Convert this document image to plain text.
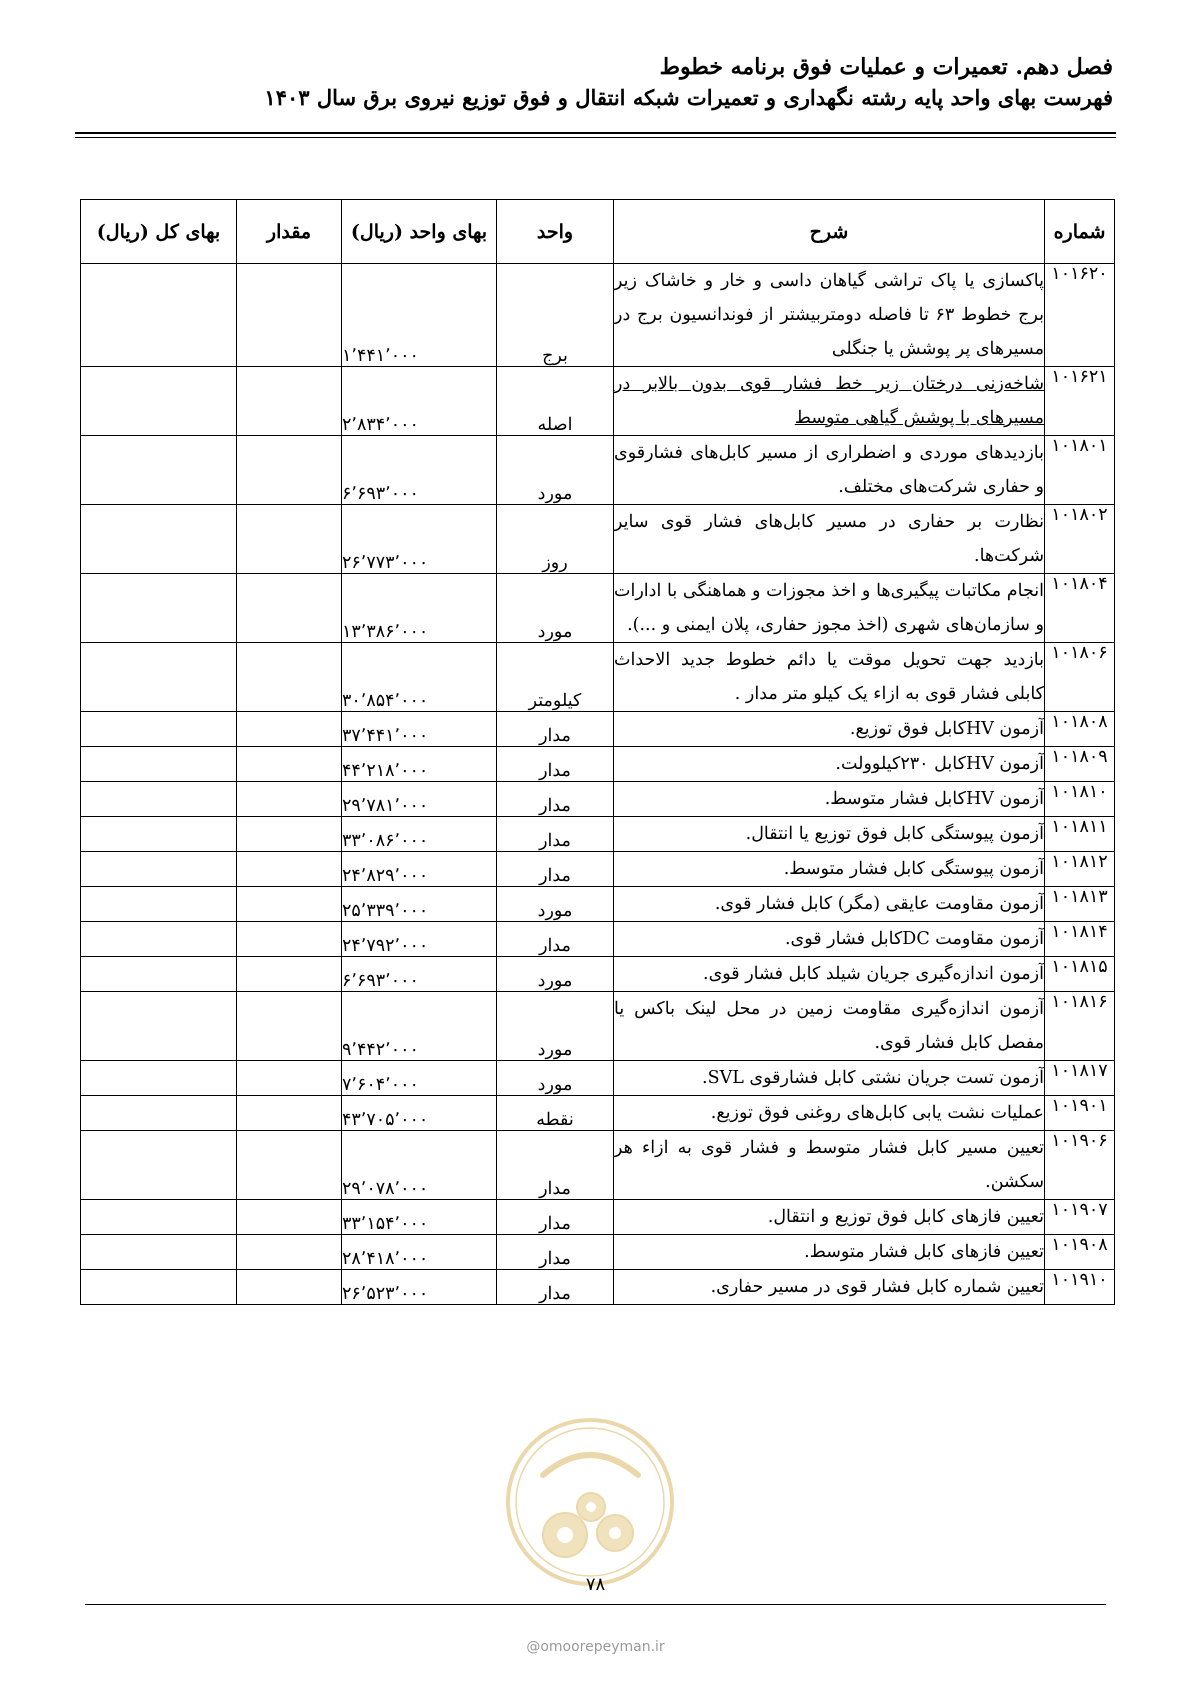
فصل دهم. تعمیرات و عملیات فوق برنامه خطوط
فهرست بهای واحد پایه رشته نگهداری و تعمیرات شبکه انتقال و فوق توزیع نیروی برق سال ۱۴۰۳
شماره	شرح	واحد	بهای واحد (ریال)	مقدار	بهای کل (ریال)
۱۰۱۶۲۰	پاکسازی یا پاک تراشی گیاهان داسی و خار و خاشاک زیر برج خطوط ۶۳ تا فاصله دومتربیشتر از فوندانسیون برج در مسیرهای پر پوشش یا جنگلی	برج	۱٬۴۴۱٬۰۰۰		
۱۰۱۶۲۱	شاخه‌زنی درختان زیر خط فشار قوی بدون بالابر در مسیرهای با پوشش گیاهی متوسط	اصله	۲٬۸۳۴٬۰۰۰		
۱۰۱۸۰۱	بازدیدهای موردی و اضطراری از مسیر کابل‌های فشارقوی و حفاری شرکت‌های مختلف.	مورد	۶٬۶۹۳٬۰۰۰		
۱۰۱۸۰۲	نظارت بر حفاری در مسیر کابل‌های فشار قوی سایر شرکت‌ها.	روز	۲۶٬۷۷۳٬۰۰۰		
۱۰۱۸۰۴	انجام مکاتبات پیگیری‌ها و اخذ مجوزات و هماهنگی با ادارات و سازمان‌های شهری (اخذ مجوز حفاری، پلان ایمنی و ...).	مورد	۱۳٬۳۸۶٬۰۰۰		
۱۰۱۸۰۶	بازدید جهت تحویل موقت یا دائم خطوط جدید الاحداث کابلی فشار قوی به ازاء یک کیلو متر مدار .	کیلومتر	۳۰٬۸۵۴٬۰۰۰		
۱۰۱۸۰۸	آزمون HVکابل فوق توزیع.	مدار	۳۷٬۴۴۱٬۰۰۰		
۱۰۱۸۰۹	آزمون HVکابل ۲۳۰کیلوولت.	مدار	۴۴٬۲۱۸٬۰۰۰		
۱۰۱۸۱۰	آزمون HVکابل فشار متوسط.	مدار	۲۹٬۷۸۱٬۰۰۰		
۱۰۱۸۱۱	آزمون پیوستگی کابل فوق توزیع یا انتقال.	مدار	۳۳٬۰۸۶٬۰۰۰		
۱۰۱۸۱۲	آزمون پیوستگی کابل فشار متوسط.	مدار	۲۴٬۸۲۹٬۰۰۰		
۱۰۱۸۱۳	آزمون مقاومت عایقی (مگر) کابل فشار قوی.	مورد	۲۵٬۳۳۹٬۰۰۰		
۱۰۱۸۱۴	آزمون مقاومت DCکابل فشار قوی.	مدار	۲۴٬۷۹۲٬۰۰۰		
۱۰۱۸۱۵	آزمون اندازه‌گیری جریان شیلد کابل فشار قوی.	مورد	۶٬۶۹۳٬۰۰۰		
۱۰۱۸۱۶	آزمون اندازه‌گیری مقاومت زمین در محل لینک باکس یا مفصل کابل فشار قوی.	مورد	۹٬۴۴۲٬۰۰۰		
۱۰۱۸۱۷	آزمون تست جریان نشتی کابل فشارقوی SVL.	مورد	۷٬۶۰۴٬۰۰۰		
۱۰۱۹۰۱	عملیات نشت یابی کابل‌های روغنی فوق توزیع.	نقطه	۴۳٬۷۰۵٬۰۰۰		
۱۰۱۹۰۶	تعیین مسیر کابل فشار متوسط و فشار قوی به ازاء هر سکشن.	مدار	۲۹٬۰۷۸٬۰۰۰		
۱۰۱۹۰۷	تعیین فازهای کابل فوق توزیع و انتقال.	مدار	۳۳٬۱۵۴٬۰۰۰		
۱۰۱۹۰۸	تعیین فازهای کابل فشار متوسط.	مدار	۲۸٬۴۱۸٬۰۰۰		
۱۰۱۹۱۰	تعیین شماره کابل فشار قوی در مسیر حفاری.	مدار	۲۶٬۵۲۳٬۰۰۰		
۷۸
@omoorepeyman.ir
